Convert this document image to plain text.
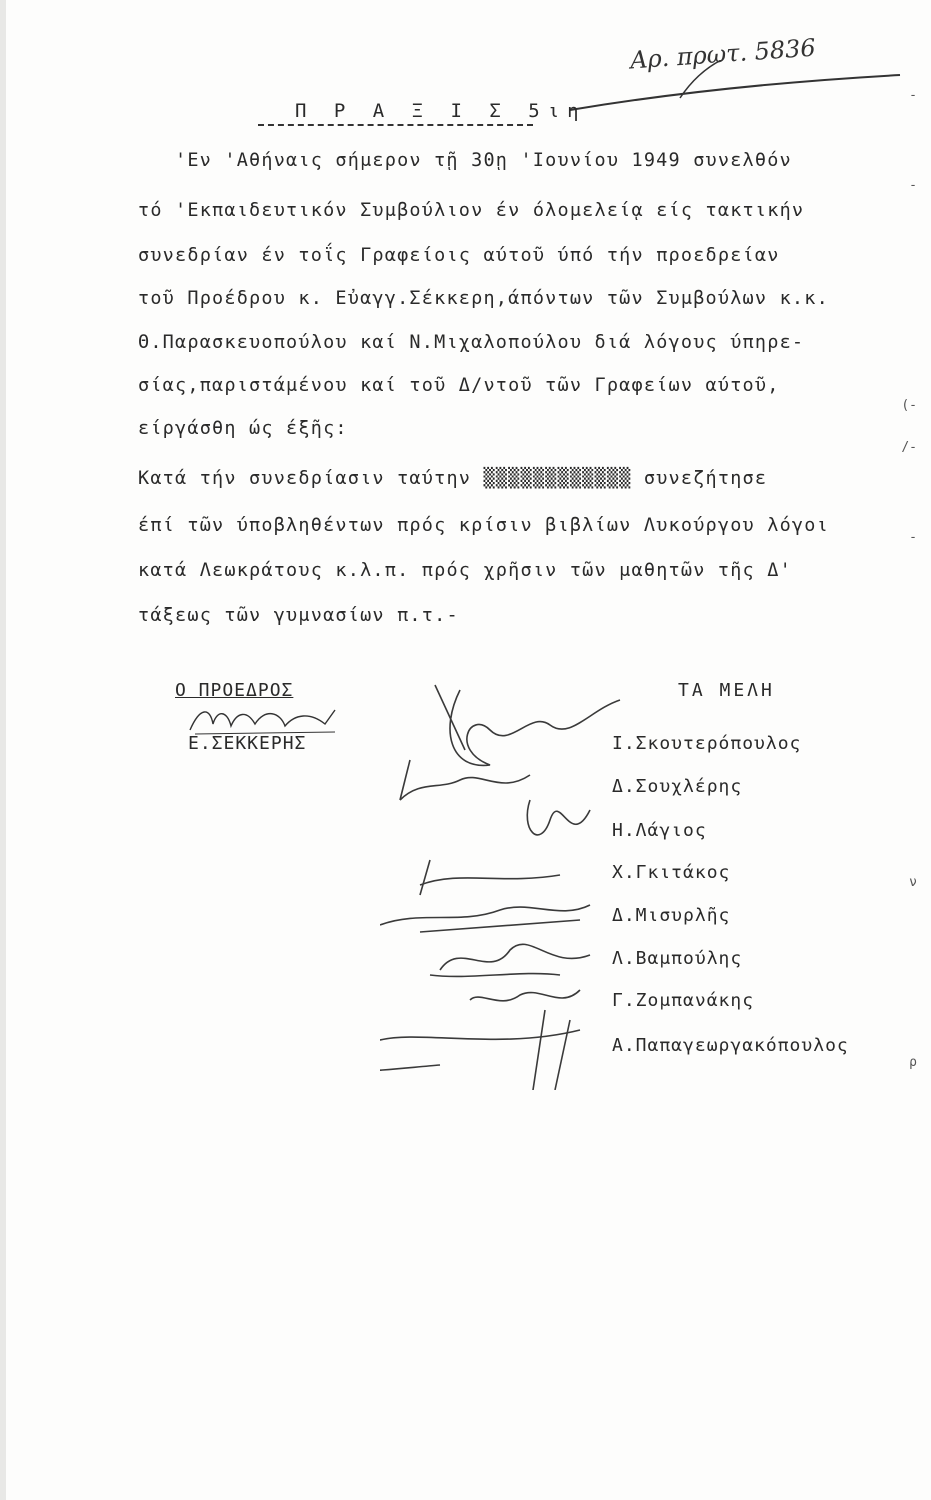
Αρ. πρωτ. 5836
Π Ρ Α Ξ Ι Σ 5ιη
'Εν 'Αθήναις σήμερον τῇ 30ῃ 'Ιουνίου 1949 συνελθόν
τό 'Εκπαιδευτικόν Συμβούλιον έν όλομελείᾳ είς τακτικήν
συνεδρίαν έν τοΐς Γραφείοις αύτοῦ ύπό τήν προεδρείαν
τοῦ Προέδρου κ. Εὐαγγ.Σέκκερη,άπόντων τῶν Συμβούλων κ.κ.
Θ.Παρασκευοπούλου καί Ν.Μιχαλοπούλου διά λόγους ύπηρε-
σίας,παριστάμένου καί τοῦ Δ/ντοῦ τῶν Γραφείων αύτοῦ,
είργάσθη ώς έξῆς:
Κατά τήν συνεδρίασιν ταύτην ▒▒▒▒▒▒▒▒▒▒▒▒ συνεζήτησε
έπί τῶν ύποβληθέντων πρός κρίσιν βιβλίων Λυκούργου λόγοι
κατά Λεωκράτους κ.λ.π. πρός χρῆσιν τῶν μαθητῶν τῆς Δ'
τάξεως τῶν γυμνασίων π.τ.-
Ο ΠΡΟΕΔΡΟΣ
Ε.ΣΕΚΚΕΡΗΣ
ΤΑ ΜΕΛΗ
Ι.Σκουτερόπουλος
Δ.Σουχλέρης
Η.Λάγιος
Χ.Γκιτάκος
Δ.Μισυρλῆς
Λ.Βαμπούλης
Γ.Ζομπανάκης
Α.Παπαγεωργακόπουλος
-
-
(-
/-
-
ν
ρ
